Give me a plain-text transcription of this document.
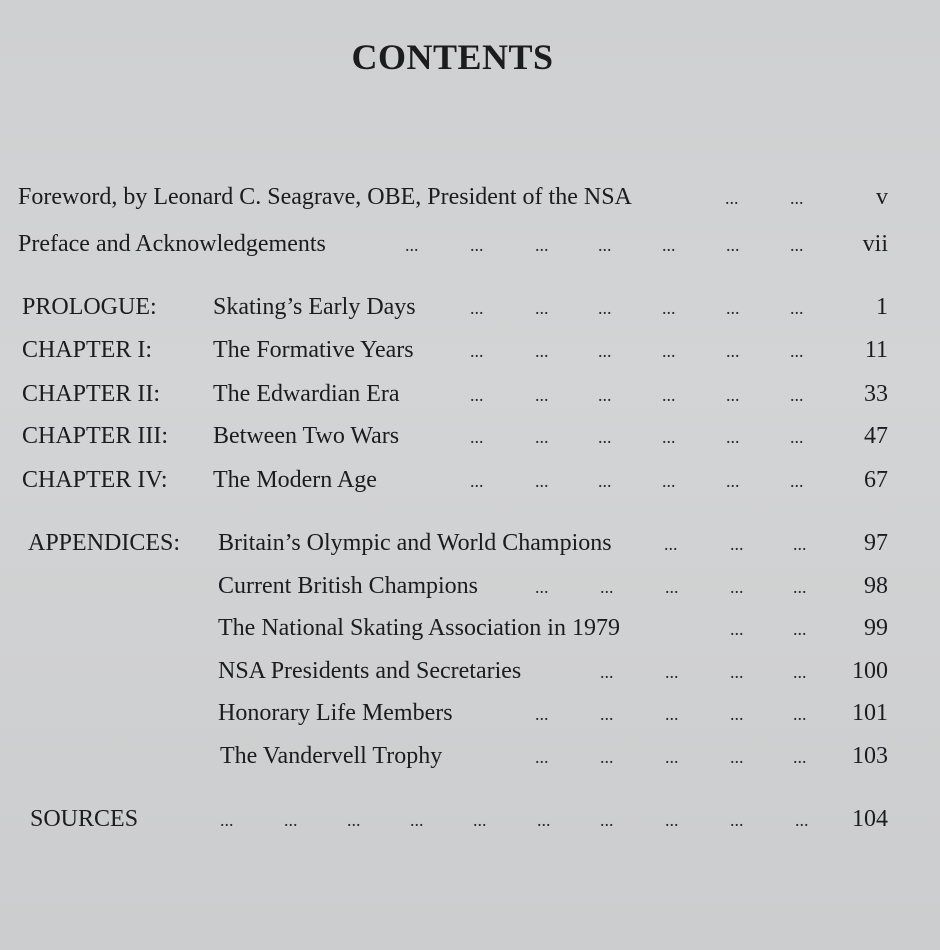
CONTENTS
Foreword, by Leonard C. Seagrave, OBE, President of the NSA	...	...	v
Preface and Acknowledgements	...	...	...	...	...	...	... vii
PROLOGUE: Skating’s Early Days	...	...	...	...	...	...	1
CHAPTER I:	The Formative Years	...	...	...	...	...	...	11
CHAPTER II: The Edwardian Era	...	...	...	...	...	...	33
CHAPTER III: Between Two Wars	...	...	...	...	...	...	47
CHAPTER IV: The Modern Age	...	...	...	...	...	...	67
APPENDICES: Britain’s Olympic and World Champions	...	...	... 97
Current British Champions	...	...	...	...	... 98
The National Skating Association in 1979	...	... 99
NSA Presidents and Secretaries	...	...	...	... 100
Honorary Life Members	...	...	...	...	... 101
The Vandervell Trophy	...	...	...	...	... 103
SOURCES	...	...	...	...	...	...	...	...	...	... 104
